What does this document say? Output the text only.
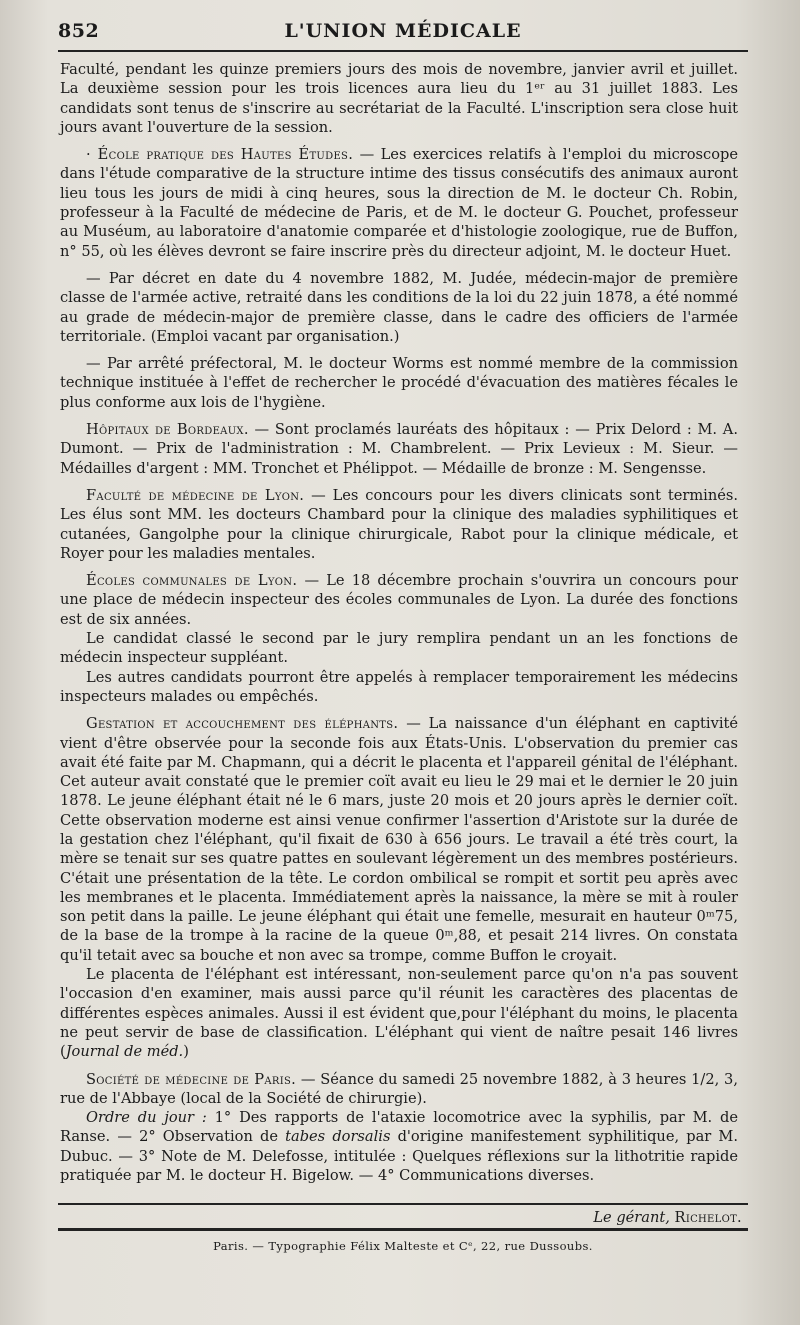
852	L'UNION MÉDICALE

Faculté, pendant les quinze premiers jours des mois de novembre, janvier avril et juillet. La deuxième session pour les trois licences aura lieu du 1ᵉʳ au 31 juillet 1883. Les candidats sont tenus de s'inscrire au secrétariat de la Faculté. L'inscription sera close huit jours avant l'ouverture de la session.

· École pratique des Hautes Études. — Les exercices relatifs à l'emploi du microscope dans l'étude comparative de la structure intime des tissus consécutifs des animaux auront lieu tous les jours de midi à cinq heures, sous la direction de M. le docteur Ch. Robin, professeur à la Faculté de médecine de Paris, et de M. le docteur G. Pouchet, professeur au Muséum, au laboratoire d'anatomie comparée et d'histologie zoologique, rue de Buffon, n° 55, où les élèves devront se faire inscrire près du directeur adjoint, M. le docteur Huet.

— Par décret en date du 4 novembre 1882, M. Judée, médecin-major de première classe de l'armée active, retraité dans les conditions de la loi du 22 juin 1878, a été nommé au grade de médecin-major de première classe, dans le cadre des officiers de l'armée territoriale. (Emploi vacant par organisation.)

— Par arrêté préfectoral, M. le docteur Worms est nommé membre de la commission technique instituée à l'effet de rechercher le procédé d'évacuation des matières fécales le plus conforme aux lois de l'hygiène.

Hôpitaux de Bordeaux. — Sont proclamés lauréats des hôpitaux : — Prix Delord : M. A. Dumont. — Prix de l'administration : M. Chambrelent. — Prix Levieux : M. Sieur. — Médailles d'argent : MM. Tronchet et Phélippot. — Médaille de bronze : M. Sengensse.

Faculté de médecine de Lyon. — Les concours pour les divers clinicats sont terminés. Les élus sont MM. les docteurs Chambard pour la clinique des maladies syphilitiques et cutanées, Gangolphe pour la clinique chirurgicale, Rabot pour la clinique médicale, et Royer pour les maladies mentales.

Écoles communales de Lyon. — Le 18 décembre prochain s'ouvrira un concours pour une place de médecin inspecteur des écoles communales de Lyon. La durée des fonctions est de six années.

Le candidat classé le second par le jury remplira pendant un an les fonctions de médecin inspecteur suppléant.

Les autres candidats pourront être appelés à remplacer temporairement les médecins inspecteurs malades ou empêchés.

Gestation et accouchement des éléphants. — La naissance d'un éléphant en captivité vient d'être observée pour la seconde fois aux États-Unis. L'observation du premier cas avait été faite par M. Chapmann, qui a décrit le placenta et l'appareil génital de l'éléphant. Cet auteur avait constaté que le premier coït avait eu lieu le 29 mai et le dernier le 20 juin 1878. Le jeune éléphant était né le 6 mars, juste 20 mois et 20 jours après le dernier coït. Cette observation moderne est ainsi venue confirmer l'assertion d'Aristote sur la durée de la gestation chez l'éléphant, qu'il fixait de 630 à 656 jours. Le travail a été très court, la mère se tenait sur ses quatre pattes en soulevant légèrement un des membres postérieurs. C'était une présentation de la tête. Le cordon ombilical se rompit et sortit peu après avec les membranes et le placenta. Immédiatement après la naissance, la mère se mit à rouler son petit dans la paille. Le jeune éléphant qui était une femelle, mesurait en hauteur 0ᵐ75, de la base de la trompe à la racine de la queue 0ᵐ,88, et pesait 214 livres. On constata qu'il tetait avec sa bouche et non avec sa trompe, comme Buffon le croyait.

Le placenta de l'éléphant est intéressant, non-seulement parce qu'on n'a pas souvent l'occasion d'en examiner, mais aussi parce qu'il réunit les caractères des placentas de différentes espèces animales. Aussi il est évident que,pour l'éléphant du moins, le placenta ne peut servir de base de classification. L'éléphant qui vient de naître pesait 146 livres (Journal de méd.)

Société de médecine de Paris. — Séance du samedi 25 novembre 1882, à 3 heures 1/2, 3, rue de l'Abbaye (local de la Société de chirurgie).

Ordre du jour : 1° Des rapports de l'ataxie locomotrice avec la syphilis, par M. de Ranse. — 2° Observation de tabes dorsalis d'origine manifestement syphilitique, par M. Dubuc. — 3° Note de M. Delefosse, intitulée : Quelques réflexions sur la lithotritie rapide pratiquée par M. le docteur H. Bigelow. — 4° Communications diverses.

Le gérant, Richelot.
Paris. — Typographie Félix Malteste et Cᵉ, 22, rue Dussoubs.
